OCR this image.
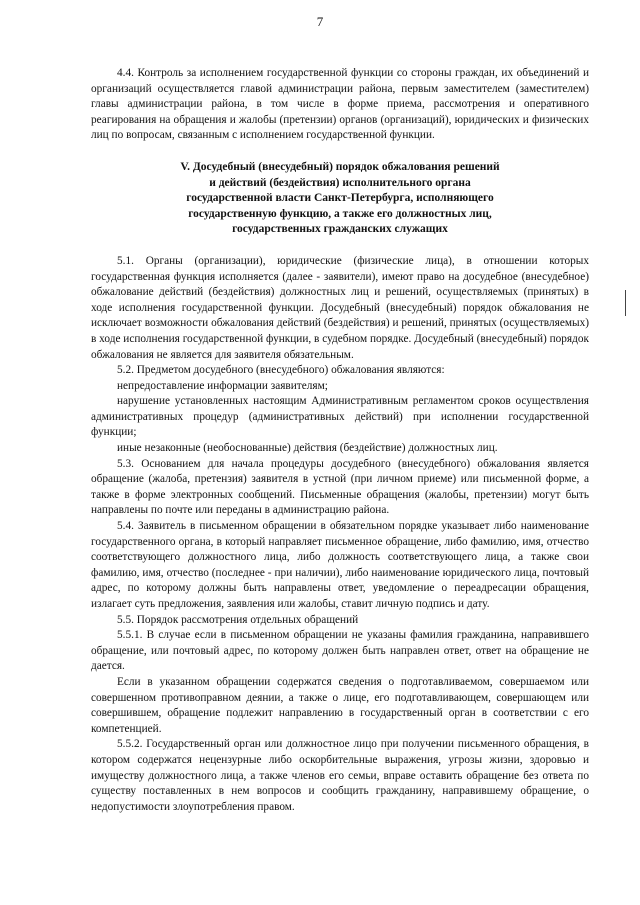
7

4.4. Контроль за исполнением государственной функции со стороны граждан, их объединений и организаций осуществляется главой администрации района, первым заместителем (заместителем) главы администрации района, в том числе в форме приема, рассмотрения и оперативного реагирования на обращения и жалобы (претензии) органов (организаций), юридических и физических лиц по вопросам, связанным с исполнением государственной функции.

V. Досудебный (внесудебный) порядок обжалования решений
и действий (бездействия) исполнительного органа
государственной власти Санкт-Петербурга, исполняющего
государственную функцию, а также его должностных лиц,
государственных гражданских служащих

5.1. Органы (организации), юридические (физические лица), в отношении которых государственная функция исполняется (далее - заявители), имеют право на досудебное (внесудебное) обжалование действий (бездействия) должностных лиц и решений, осуществляемых (принятых) в ходе исполнения государственной функции. Досудебный (внесудебный) порядок обжалования не исключает возможности обжалования действий (бездействия) и решений, принятых (осуществляемых) в ходе исполнения государственной функции, в судебном порядке. Досудебный (внесудебный) порядок обжалования не является для заявителя обязательным.

5.2. Предметом досудебного (внесудебного) обжалования являются:

непредоставление информации заявителям;

нарушение установленных настоящим Административным регламентом сроков осуществления административных процедур (административных действий) при исполнении государственной функции;

иные незаконные (необоснованные) действия (бездействие) должностных лиц.

5.3. Основанием для начала процедуры досудебного (внесудебного) обжалования является обращение (жалоба, претензия) заявителя в устной (при личном приеме) или письменной форме, а также в форме электронных сообщений. Письменные обращения (жалобы, претензии) могут быть направлены по почте или переданы в администрацию района.

5.4. Заявитель в письменном обращении в обязательном порядке указывает либо наименование государственного органа, в который направляет письменное обращение, либо фамилию, имя, отчество соответствующего должностного лица, либо должность соответствующего лица, а также свои фамилию, имя, отчество (последнее - при наличии), либо наименование юридического лица, почтовый адрес, по которому должны быть направлены ответ, уведомление о переадресации обращения, излагает суть предложения, заявления или жалобы, ставит личную подпись и дату.

5.5. Порядок рассмотрения отдельных обращений

5.5.1. В случае если в письменном обращении не указаны фамилия гражданина, направившего обращение, или почтовый адрес, по которому должен быть направлен ответ, ответ на обращение не дается.

Если в указанном обращении содержатся сведения о подготавливаемом, совершаемом или совершенном противоправном деянии, а также о лице, его подготавливающем, совершающем или совершившем, обращение подлежит направлению в государственный орган в соответствии с его компетенцией.

5.5.2. Государственный орган или должностное лицо при получении письменного обращения, в котором содержатся нецензурные либо оскорбительные выражения, угрозы жизни, здоровью и имуществу должностного лица, а также членов его семьи, вправе оставить обращение без ответа по существу поставленных в нем вопросов и сообщить гражданину, направившему обращение, о недопустимости злоупотребления правом.
